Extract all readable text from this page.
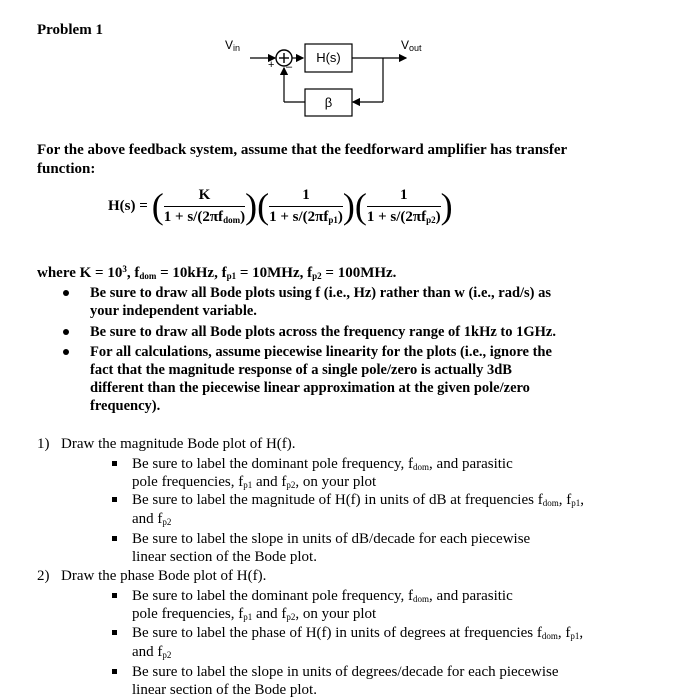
Problem 1
$V_{in}$	$V_{out}$
+ –
H(s)
β
For the above feedback system, assume that the feedforward amplifier has transfer
function:
H(s) = ( $\frac{K}{1 + s/(2\pi f_{dom})}$ ) ( $\frac{1}{1 + s/(2\pi f_{p1})}$ ) ( $\frac{1}{1 + s/(2\pi f_{p2})}$ )
where $K = 10^3$, $f_{dom} = 10kHz$, $f_{p1} = 10MHz$, $f_{p2} = 100MHz$.
Be sure to draw all Bode plots using f (i.e., Hz) rather than w (i.e., rad/s) as
your independent variable.
Be sure to draw all Bode plots across the frequency range of 1kHz to 1GHz.
For all calculations, assume piecewise linearity for the plots (i.e., ignore the
fact that the magnitude response of a single pole/zero is actually 3dB
different than the piecewise linear approximation at the given pole/zero
frequency).
1) Draw the magnitude Bode plot of H(f).
Be sure to label the dominant pole frequency, $f_{dom}$, and parasitic
pole frequencies, $f_{p1}$ and $f_{p2}$, on your plot
Be sure to label the magnitude of H(f) in units of dB at frequencies $f_{dom}$, $f_{p1}$,
and $f_{p2}$
Be sure to label the slope in units of dB/decade for each piecewise
linear section of the Bode plot.
2) Draw the phase Bode plot of H(f).
Be sure to label the dominant pole frequency, $f_{dom}$, and parasitic
pole frequencies, $f_{p1}$ and $f_{p2}$, on your plot
Be sure to label the phase of H(f) in units of degrees at frequencies $f_{dom}$, $f_{p1}$,
and $f_{p2}$
Be sure to label the slope in units of degrees/decade for each piecewise
linear section of the Bode plot.
